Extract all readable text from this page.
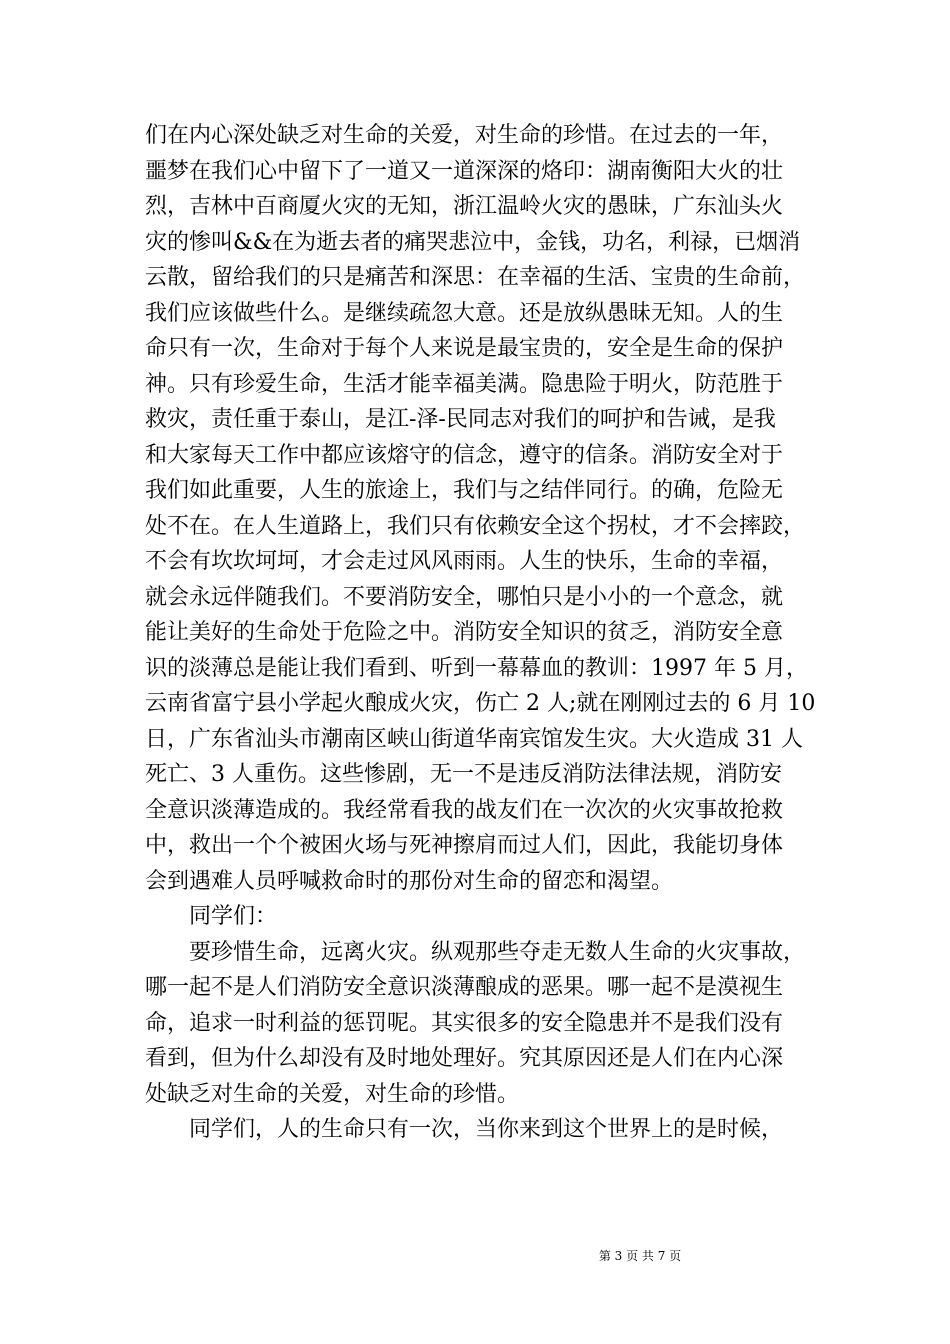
们在内心深处缺乏对生命的关爱，对生命的珍惜。在过去的一年，
噩梦在我们心中留下了一道又一道深深的烙印：湖南衡阳大火的壮
烈，吉林中百商厦火灾的无知，浙江温岭火灾的愚昧，广东汕头火
灾的惨叫&&在为逝去者的痛哭悲泣中，金钱，功名，利禄，已烟消
云散，留给我们的只是痛苦和深思：在幸福的生活、宝贵的生命前，
我们应该做些什么。是继续疏忽大意。还是放纵愚昧无知。人的生
命只有一次，生命对于每个人来说是最宝贵的，安全是生命的保护
神。只有珍爱生命，生活才能幸福美满。隐患险于明火，防范胜于
救灾，责任重于泰山，是江-泽-民同志对我们的呵护和告诫，是我
和大家每天工作中都应该熔守的信念，遵守的信条。消防安全对于
我们如此重要，人生的旅途上，我们与之结伴同行。的确，危险无
处不在。在人生道路上，我们只有依赖安全这个拐杖，才不会摔跤，
不会有坎坎坷坷，才会走过风风雨雨。人生的快乐，生命的幸福，
就会永远伴随我们。不要消防安全，哪怕只是小小的一个意念，就
能让美好的生命处于危险之中。消防安全知识的贫乏，消防安全意
识的淡薄总是能让我们看到、听到一幕幕血的教训：1997 年 5 月，
云南省富宁县小学起火酿成火灾，伤亡 2 人;就在刚刚过去的 6 月 10
日，广东省汕头市潮南区峡山街道华南宾馆发生灾。大火造成 31 人
死亡、3 人重伤。这些惨剧，无一不是违反消防法律法规，消防安
全意识淡薄造成的。我经常看我的战友们在一次次的火灾事故抢救
中，救出一个个被困火场与死神擦肩而过人们，因此，我能切身体
会到遇难人员呼喊救命时的那份对生命的留恋和渴望。
　　同学们：
　　要珍惜生命，远离火灾。纵观那些夺走无数人生命的火灾事故，
哪一起不是人们消防安全意识淡薄酿成的恶果。哪一起不是漠视生
命，追求一时利益的惩罚呢。其实很多的安全隐患并不是我们没有
看到，但为什么却没有及时地处理好。究其原因还是人们在内心深
处缺乏对生命的关爱，对生命的珍惜。
　　同学们，人的生命只有一次，当你来到这个世界上的是时候，
第 3 页 共 7 页
